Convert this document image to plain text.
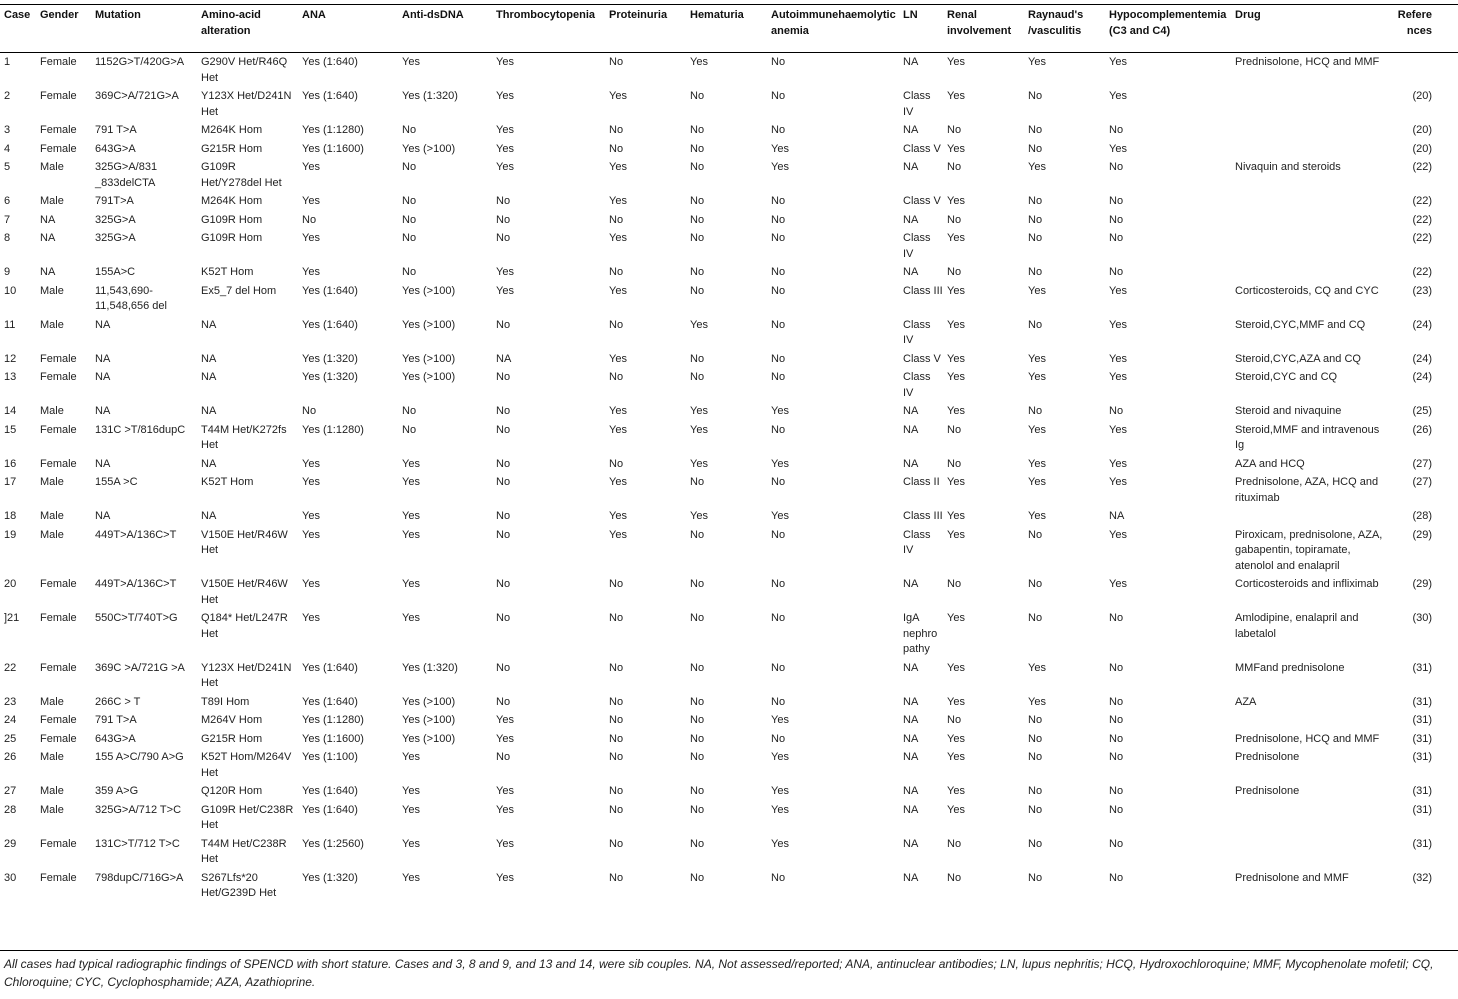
Case	Gender	Mutation	Amino-acid alteration	ANA	Anti-dsDNA	Thrombocytopenia	Proteinuria	Hematuria	Autoimmunehaemolytic anemia	LN	Renal involvement	Raynaud's /vasculitis	Hypocomplementemia (C3 and C4)	Drug	References
1	Female	1152G>T/420G>A	G290V Het/R46Q Het	Yes (1:640)	Yes	Yes	No	Yes	No	NA	Yes	Yes	Yes	Prednisolone, HCQ and MMF	
2	Female	369C>A/721G>A	Y123X Het/D241N Het	Yes (1:640)	Yes (1:320)	Yes	Yes	No	No	Class IV	Yes	No	Yes		(20)
3	Female	791 T>A	M264K Hom	Yes (1:1280)	No	Yes	No	No	No	NA	No	No	No		(20)
4	Female	643G>A	G215R Hom	Yes (1:1600)	Yes (>100)	Yes	No	No	Yes	Class V	Yes	No	Yes		(20)
5	Male	325G>A/831 _833delCTA	G109R Het/Y278del Het	Yes	No	Yes	Yes	No	Yes	NA	No	Yes	No	Nivaquin and steroids	(22)
6	Male	791T>A	M264K Hom	Yes	No	No	Yes	No	No	Class V	Yes	No	No		(22)
7	NA	325G>A	G109R Hom	No	No	No	No	No	No	NA	No	No	No		(22)
8	NA	325G>A	G109R Hom	Yes	No	No	Yes	No	No	Class IV	Yes	No	No		(22)
9	NA	155A>C	K52T Hom	Yes	No	Yes	No	No	No	NA	No	No	No		(22)
10	Male	11,543,690-11,548,656 del	Ex5_7 del Hom	Yes (1:640)	Yes (>100)	Yes	Yes	No	No	Class III	Yes	Yes	Yes	Corticosteroids, CQ and CYC	(23)
11	Male	NA	NA	Yes (1:640)	Yes (>100)	No	No	Yes	No	Class IV	Yes	No	Yes	Steroid,CYC,MMF and CQ	(24)
12	Female	NA	NA	Yes (1:320)	Yes (>100)	NA	Yes	No	No	Class V	Yes	Yes	Yes	Steroid,CYC,AZA and CQ	(24)
13	Female	NA	NA	Yes (1:320)	Yes (>100)	No	No	No	No	Class IV	Yes	Yes	Yes	Steroid,CYC and CQ	(24)
14	Male	NA	NA	No	No	No	Yes	Yes	Yes	NA	Yes	No	No	Steroid and nivaquine	(25)
15	Female	131C >T/816dupC	T44M Het/K272fs Het	Yes (1:1280)	No	No	Yes	Yes	No	NA	No	Yes	Yes	Steroid,MMF and intravenous Ig	(26)
16	Female	NA	NA	Yes	Yes	No	No	Yes	Yes	NA	No	Yes	Yes	AZA and HCQ	(27)
17	Male	155A >C	K52T Hom	Yes	Yes	No	Yes	No	No	Class II	Yes	Yes	Yes	Prednisolone, AZA, HCQ and rituximab	(27)
18	Male	NA	NA	Yes	Yes	No	Yes	Yes	Yes	Class III	Yes	Yes	NA		(28)
19	Male	449T>A/136C>T	V150E Het/R46W Het	Yes	Yes	No	Yes	No	No	Class IV	Yes	No	Yes	Piroxicam, prednisolone, AZA, gabapentin, topiramate, atenolol and enalapril	(29)
20	Female	449T>A/136C>T	V150E Het/R46W Het	Yes	Yes	No	No	No	No	NA	No	No	Yes	Corticosteroids and infliximab	(29)
]21	Female	550C>T/740T>G	Q184* Het/L247R Het	Yes	Yes	No	No	No	No	IgA nephropathy	Yes	No	No	Amlodipine, enalapril and labetalol	(30)
22	Female	369C >A/721G >A	Y123X Het/D241N Het	Yes (1:640)	Yes (1:320)	No	No	No	No	NA	Yes	Yes	No	MMFand prednisolone	(31)
23	Male	266C > T	T89I Hom	Yes (1:640)	Yes (>100)	No	No	No	No	NA	Yes	Yes	No	AZA	(31)
24	Female	791 T>A	M264V Hom	Yes (1:1280)	Yes (>100)	Yes	No	No	Yes	NA	No	No	No		(31)
25	Female	643G>A	G215R Hom	Yes (1:1600)	Yes (>100)	Yes	No	No	No	NA	Yes	No	No	Prednisolone, HCQ and MMF	(31)
26	Male	155 A>C/790 A>G	K52T Hom/M264V Het	Yes (1:100)	Yes	No	No	No	Yes	NA	Yes	No	No	Prednisolone	(31)
27	Male	359 A>G	Q120R Hom	Yes (1:640)	Yes	Yes	No	No	Yes	NA	Yes	No	No	Prednisolone	(31)
28	Male	325G>A/712 T>C	G109R Het/C238R Het	Yes (1:640)	Yes	Yes	No	No	Yes	NA	Yes	No	No		(31)
29	Female	131C>T/712 T>C	T44M Het/C238R Het	Yes (1:2560)	Yes	Yes	No	No	Yes	NA	No	No	No		(31)
30	Female	798dupC/716G>A	S267Lfs*20 Het/G239D Het	Yes (1:320)	Yes	Yes	No	No	No	NA	No	No	No	Prednisolone and MMF	(32)
All cases had typical radiographic findings of SPENCD with short stature. Cases and 3, 8 and 9, and 13 and 14, were sib couples. NA, Not assessed/reported; ANA, antinuclear antibodies; LN, lupus nephritis; HCQ, Hydroxochloroquine; MMF, Mycophenolate mofetil; CQ, Chloroquine; CYC, Cyclophosphamide; AZA, Azathioprine.
